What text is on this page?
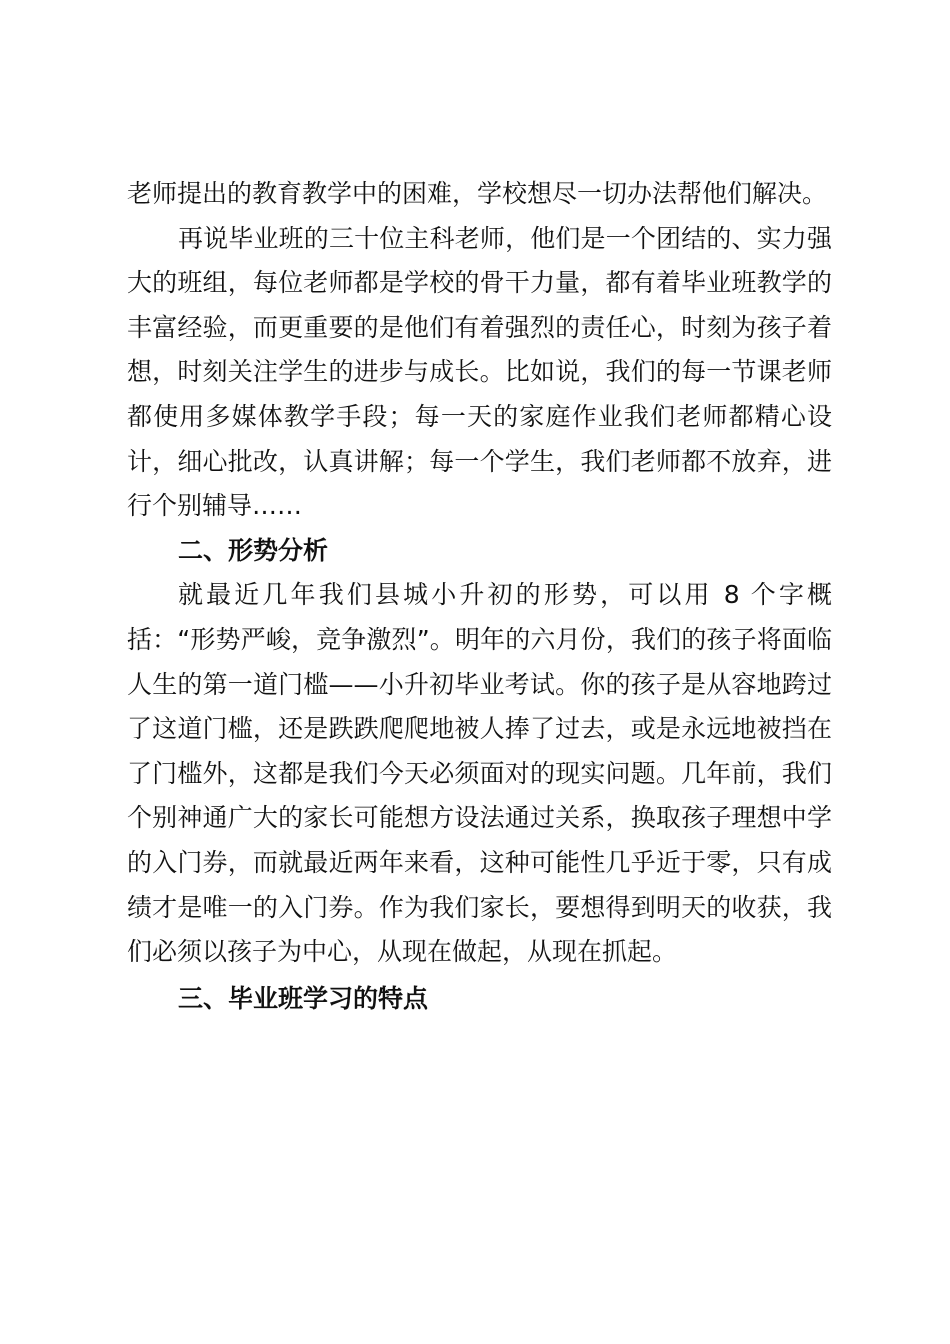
老师提出的教育教学中的困难，学校想尽一切办法帮他们解决。

再说毕业班的三十位主科老师，他们是一个团结的、实力强大的班组，每位老师都是学校的骨干力量，都有着毕业班教学的丰富经验，而更重要的是他们有着强烈的责任心，时刻为孩子着想，时刻关注学生的进步与成长。比如说，我们的每一节课老师都使用多媒体教学手段；每一天的家庭作业我们老师都精心设计，细心批改，认真讲解；每一个学生，我们老师都不放弃，进行个别辅导……

二、形势分析

就最近几年我们县城小升初的形势，可以用 8 个字概括：“形势严峻，竞争激烈”。明年的六月份，我们的孩子将面临人生的第一道门槛——小升初毕业考试。你的孩子是从容地跨过了这道门槛，还是跌跌爬爬地被人捧了过去，或是永远地被挡在了门槛外，这都是我们今天必须面对的现实问题。几年前，我们个别神通广大的家长可能想方设法通过关系，换取孩子理想中学的入门券，而就最近两年来看，这种可能性几乎近于零，只有成绩才是唯一的入门券。作为我们家长，要想得到明天的收获，我们必须以孩子为中心，从现在做起，从现在抓起。

三、毕业班学习的特点
